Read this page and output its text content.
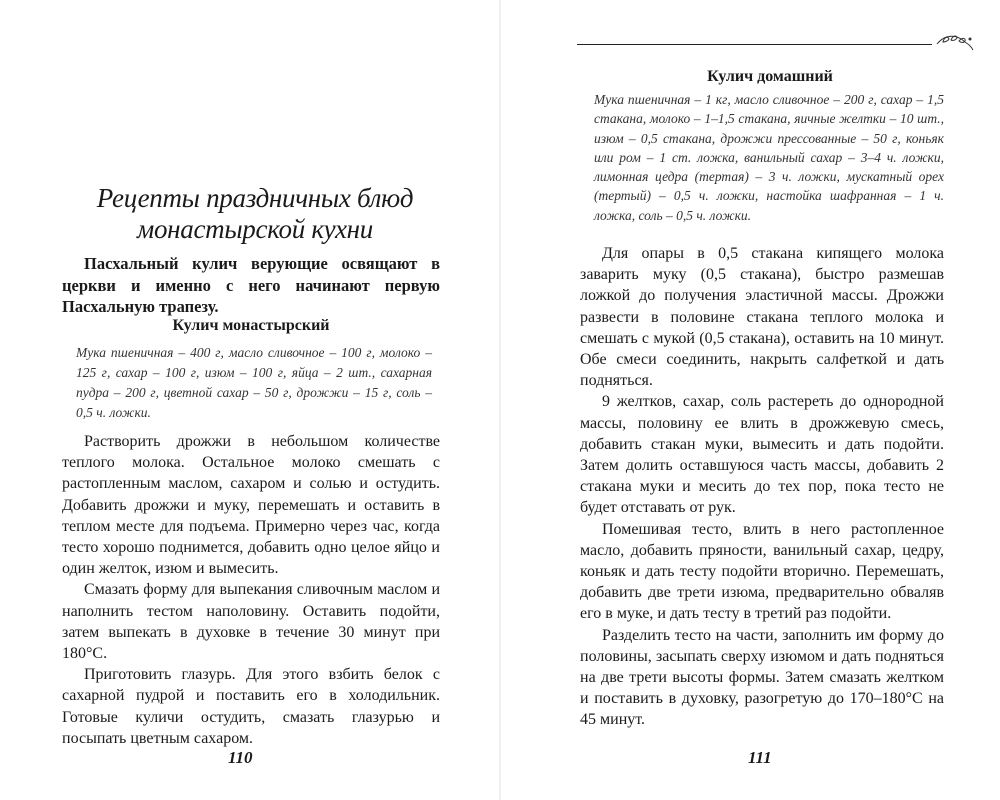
Рецепты праздничных блюд
монастырской кухни

Пасхальный кулич верующие освящают в церкви и именно с него начинают первую Пасхальную трапезу.

Кулич монастырский

Мука пшеничная – 400 г, масло сливочное – 100 г, молоко – 125 г, сахар – 100 г, изюм – 100 г, яйца – 2 шт., сахарная пудра – 200 г, цветной сахар – 50 г, дрожжи – 15 г, соль – 0,5 ч. ложки.

Растворить дрожжи в небольшом количестве теплого молока. Остальное молоко смешать с растопленным маслом, сахаром и солью и остудить. Добавить дрожжи и муку, перемешать и оставить в теплом месте для подъема. Примерно через час, когда тесто хорошо поднимется, добавить одно целое яйцо и один желток, изюм и вымесить.

Смазать форму для выпекания сливочным маслом и наполнить тестом наполовину. Оставить подойти, затем выпекать в духовке в течение 30 минут при 180°С.

Приготовить глазурь. Для этого взбить белок с сахарной пудрой и поставить его в холодильник. Готовые куличи остудить, смазать глазурью и посыпать цветным сахаром.

110
Кулич домашний

Мука пшеничная – 1 кг, масло сливочное – 200 г, сахар – 1,5 стакана, молоко – 1–1,5 стакана, яичные желтки – 10 шт., изюм – 0,5 стакана, дрожжи прессованные – 50 г, коньяк или ром – 1 ст. ложка, ванильный сахар – 3–4 ч. ложки, лимонная цедра (тертая) – 3 ч. ложки, мускатный орех (тертый) – 0,5 ч. ложки, настойка шафранная – 1 ч. ложка, соль – 0,5 ч. ложки.

Для опары в 0,5 стакана кипящего молока заварить муку (0,5 стакана), быстро размешав ложкой до получения эластичной массы. Дрожжи развести в половине стакана теплого молока и смешать с мукой (0,5 стакана), оставить на 10 минут. Обе смеси соединить, накрыть салфеткой и дать подняться.

9 желтков, сахар, соль растереть до однородной массы, половину ее влить в дрожжевую смесь, добавить стакан муки, вымесить и дать подойти. Затем долить оставшуюся часть массы, добавить 2 стакана муки и месить до тех пор, пока тесто не будет отставать от рук.

Помешивая тесто, влить в него растопленное масло, добавить пряности, ванильный сахар, цедру, коньяк и дать тесту подойти вторично. Перемешать, добавить две трети изюма, предварительно обваляв его в муке, и дать тесту в третий раз подойти.

Разделить тесто на части, заполнить им форму до половины, засыпать сверху изюмом и дать подняться на две трети высоты формы. Затем смазать желтком и поставить в духовку, разогретую до 170–180°С на 45 минут.

111
